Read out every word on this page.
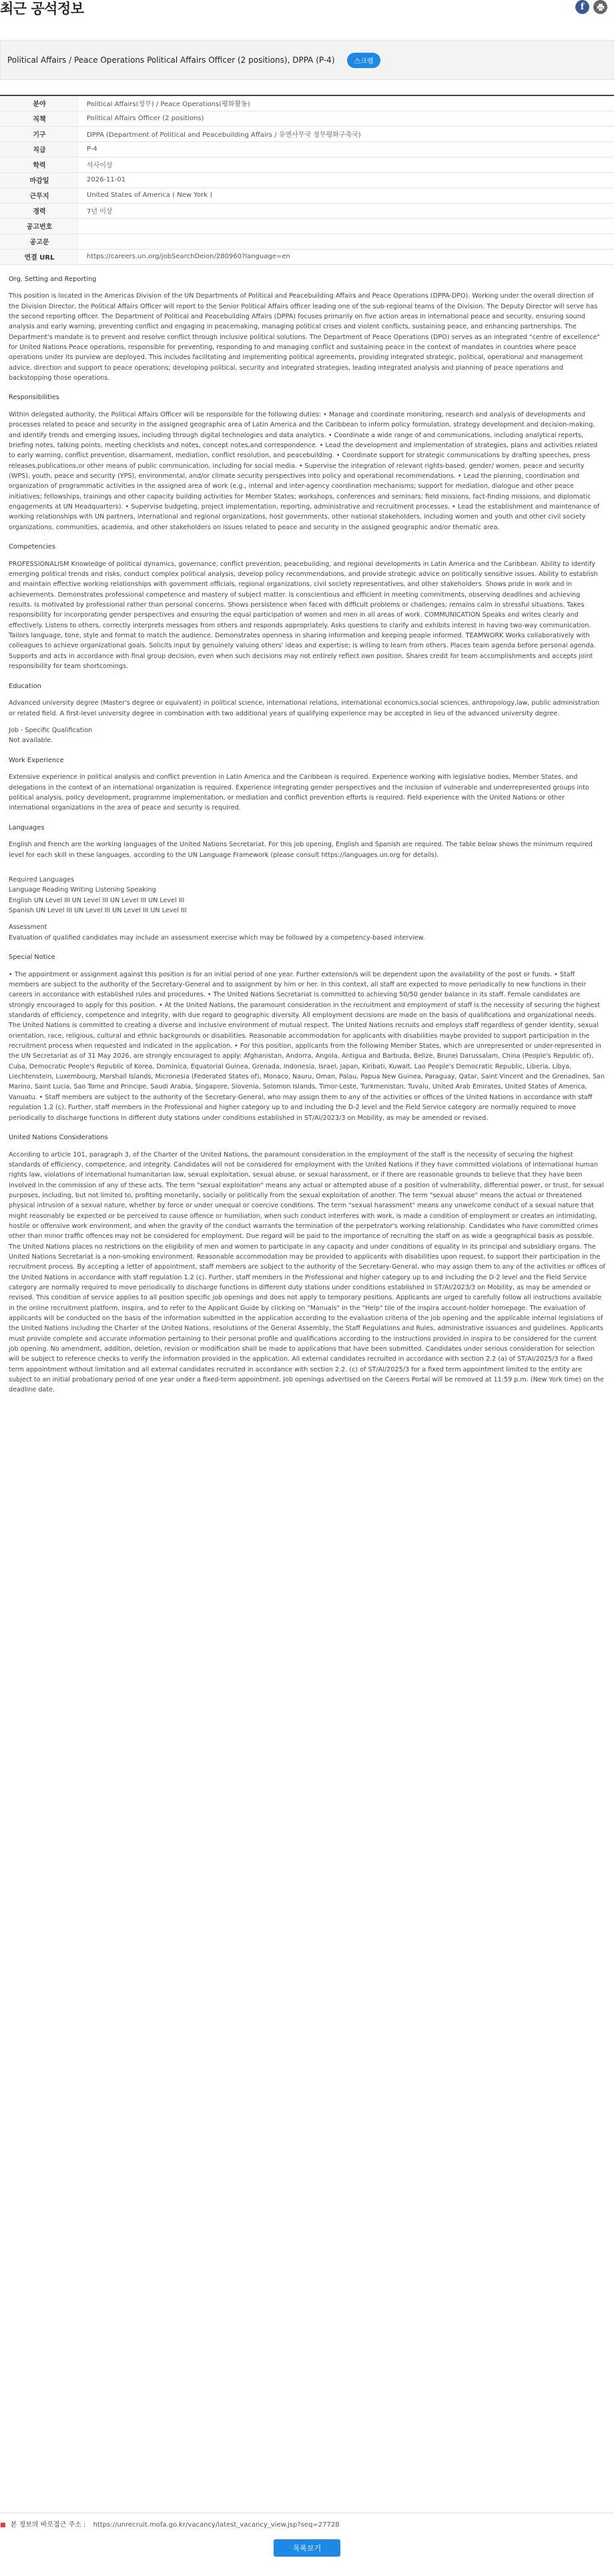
최근 공석정보	f
Political Affairs / Peace Operations Political Affairs Officer (2 positions), DPPA (P-4)	스크랩
분야	Political Affairs(정무) / Peace Operations(평화활동)
직책	Political Affairs Officer (2 positions)
기구	DPPA (Department of Political and Peacebuilding Affairs / 유엔사무국 정무평화구축국)
직급	P-4
학력	석사이상
마감일	2026-11-01
근무지	United States of America ( New York )
경력	7년 이상
공고번호	
공고문	
연결 URL	https://careers.un.org/jobSearchDeion/280960?language=en
Org. Setting and Reporting

This position is located in the Americas Division of the UN Departments of Political and Peacebuilding Affairs and Peace Operations (DPPA-DPO). Working under the overall direction of the Division Director, the Political Affairs Officer will report to the Senior Political Affairs officer leading one of the sub-regional teams of the Division. The Deputy Director will serve has the second reporting officer. The Department of Political and Peacebuilding Affairs (DPPA) focuses primarily on five action areas in international peace and security, ensuring sound analysis and early warning, preventing conflict and engaging in peacemaking, managing political crises and violent conflicts, sustaining peace, and enhancing partnerships. The Department's mandate is to prevent and resolve conflict through inclusive political solutions. The Department of Peace Operations (DPO) serves as an integrated "centre of excellence" for United Nations Peace operations, responsible for preventing, responding to and managing conflict and sustaining peace in the context of mandates in countries where peace operations under its purview are deployed. This includes facilitating and implementing political agreements, providing integrated strategic, political, operational and management advice, direction and support to peace operations; developing political, security and integrated strategies, leading integrated analysis and planning of peace operations and backstopping those operations.

Responsibilities

Within delegated authority, the Political Affairs Officer will be responsible for the following duties: • Manage and coordinate monitoring, research and analysis of developments and processes related to peace and security in the assigned geographic area of Latin America and the Caribbean to inform policy formulation, strategy development and decision-making, and identify trends and emerging issues, including through digital technologies and data analytics. • Coordinate a wide range of and communications, including analytical reports, briefing notes, talking points, meeting checklists and notes, concept notes,and correspondence. • Lead the development and implementation of strategies, plans and activities related to early warning, conflict prevention, disarmament, mediation, conflict resolution, and peacebuilding. • Coordinate support for strategic communications by drafting speeches, press releases,publications,or other means of public communication, including for social media. • Supervise the integration of relevant rights-based, gender/ women, peace and security (WPS), youth, peace and security (YPS), environmental, and/or climate security perspectives into policy and operational recommendations. • Lead the planning, coordination and organization of programmatic activities in the assigned area of work (e.g., internal and inter-agency coordination mechanisms; support for mediation, dialogue and other peace initiatives; fellowships, trainings and other capacity building activities for Member States; workshops, conferences and seminars; field missions, fact-finding missions, and diplomatic engagements at UN Headquarters). • Supervise budgeting, project implementation, reporting, administrative and recruitment processes. • Lead the establishment and maintenance of working relationships with UN partners, international and regional organizations, host governments, other national stakeholders, including women and youth and other civil society organizations, communities, academia, and other stakeholders on issues related to peace and security in the assigned geographic and/or thematic area.

Competencies

PROFESSIONALISM Knowledge of political dynamics, governance, conflict prevention, peacebuilding, and regional developments in Latin America and the Caribbean. Ability to identify emerging political trends and risks, conduct complex political analysis, develop policy recommendations, and provide strategic advice on politically sensitive issues. Ability to establish and maintain effective working relationships with government officials, regional organizations, civil society representatives, and other stakeholders. Shows pride in work and in achievements. Demonstrates professional competence and mastery of subject matter. Is conscientious and efficient in meeting commitments, observing deadlines and achieving results. Is motivated by professional rather than personal concerns. Shows persistence when faced with difficult problems or challenges; remains calm in stressful situations. Takes responsibility for incorporating gender perspectives and ensuring the equal participation of women and men in all areas of work. COMMUNICATION Speaks and writes clearly and effectively. Listens to others, correctly interprets messages from others and responds appropriately. Asks questions to clarify and exhibits interest in having two-way communication. Tailors language, tone, style and format to match the audience. Demonstrates openness in sharing information and keeping people informed. TEAMWORK Works collaboratively with colleagues to achieve organizational goals. Solicits input by genuinely valuing others' ideas and expertise; is willing to learn from others. Places team agenda before personal agenda. Supports and acts in accordance with final group decision, even when such decisions may not entirely reflect own position. Shares credit for team accomplishments and accepts joint responsibility for team shortcomings.

Education

Advanced university degree (Master's degree or equivalent) in political science, international relations, international economics,social sciences, anthropology,law, public administration or related field. A first-level university degree in combination with two additional years of qualifying experience may be accepted in lieu of the advanced university degree.

Job - Specific Qualification

Not available.

Work Experience

Extensive experience in political analysis and conflict prevention in Latin America and the Caribbean is required. Experience working with legislative bodies, Member States, and delegations in the context of an international organization is required. Experience integrating gender perspectives and the inclusion of vulnerable and underrepresented groups into political analysis, policy development, programme implementation, or mediation and conflict prevention efforts is required. Field experience with the United Nations or other international organizations in the area of peace and security is required.

Languages

English and French are the working languages of the United Nations Secretariat. For this job opening, English and Spanish are required. The table below shows the minimum required level for each skill in these languages, according to the UN Language Framework (please consult https://languages.un.org for details).

Required Languages

Language Reading Writing Listening Speaking

English UN Level III UN Level III UN Level III UN Level III

Spanish UN Level III UN Level III UN Level III UN Level III

Assessment

Evaluation of qualified candidates may include an assessment exercise which may be followed by a competency-based interview.

Special Notice

• The appointment or assignment against this position is for an initial period of one year. Further extension/s will be dependent upon the availability of the post or funds. • Staff members are subject to the authority of the Secretary-General and to assignment by him or her. In this context, all staff are expected to move periodically to new functions in their careers in accordance with established rules and procedures. • The United Nations Secretariat is committed to achieving 50/50 gender balance in its staff. Female candidates are strongly encouraged to apply for this position. • At the United Nations, the paramount consideration in the recruitment and employment of staff is the necessity of securing the highest standards of efficiency, competence and integrity, with due regard to geographic diversity. All employment decisions are made on the basis of qualifications and organizational needs. The United Nations is committed to creating a diverse and inclusive environment of mutual respect. The United Nations recruits and employs staff regardless of gender identity, sexual orientation, race, religious, cultural and ethnic backgrounds or disabilities. Reasonable accommodation for applicants with disabilities maybe provided to support participation in the recruitment process when requested and indicated in the application. • For this position, applicants from the following Member States, which are unrepresented or under-represented in the UN Secretariat as of 31 May 2026, are strongly encouraged to apply: Afghanistan, Andorra, Angola, Antigua and Barbuda, Belize, Brunei Darussalam, China (People's Republic of), Cuba, Democratic People's Republic of Korea, Dominica, Equatorial Guinea, Grenada, Indonesia, Israel, Japan, Kiribati, Kuwait, Lao People's Democratic Republic, Liberia, Libya, Liechtenstein, Luxembourg, Marshall Islands, Micronesia (Federated States of), Monaco, Nauru, Oman, Palau, Papua New Guinea, Paraguay, Qatar, Saint Vincent and the Grenadines, San Marino, Saint Lucia, Sao Tome and Principe, Saudi Arabia, Singapore, Slovenia, Solomon Islands, Timor-Leste, Turkmenistan, Tuvalu, United Arab Emirates, United States of America, Vanuatu. • Staff members are subject to the authority of the Secretary-General, who may assign them to any of the activities or offices of the United Nations in accordance with staff regulation 1.2 (c). Further, staff members in the Professional and higher category up to and including the D-2 level and the Field Service category are normally required to move periodically to discharge functions in different duty stations under conditions established in ST/AI/2023/3 on Mobility, as may be amended or revised.

United Nations Considerations

According to article 101, paragraph 3, of the Charter of the United Nations, the paramount consideration in the employment of the staff is the necessity of securing the highest standards of efficiency, competence, and integrity. Candidates will not be considered for employment with the United Nations if they have committed violations of international human rights law, violations of international humanitarian law, sexual exploitation, sexual abuse, or sexual harassment, or if there are reasonable grounds to believe that they have been involved in the commission of any of these acts. The term "sexual exploitation" means any actual or attempted abuse of a position of vulnerability, differential power, or trust, for sexual purposes, including, but not limited to, profiting monetarily, socially or politically from the sexual exploitation of another. The term "sexual abuse" means the actual or threatened physical intrusion of a sexual nature, whether by force or under unequal or coercive conditions. The term "sexual harassment" means any unwelcome conduct of a sexual nature that might reasonably be expected or be perceived to cause offence or humiliation, when such conduct interferes with work, is made a condition of employment or creates an intimidating, hostile or offensive work environment, and when the gravity of the conduct warrants the termination of the perpetrator's working relationship. Candidates who have committed crimes other than minor traffic offences may not be considered for employment. Due regard will be paid to the importance of recruiting the staff on as wide a geographical basis as possible. The United Nations places no restrictions on the eligibility of men and women to participate in any capacity and under conditions of equality in its principal and subsidiary organs. The United Nations Secretariat is a non-smoking environment. Reasonable accommodation may be provided to applicants with disabilities upon request, to support their participation in the recruitment process. By accepting a letter of appointment, staff members are subject to the authority of the Secretary-General, who may assign them to any of the activities or offices of the United Nations in accordance with staff regulation 1.2 (c). Further, staff members in the Professional and higher category up to and including the D-2 level and the Field Service category are normally required to move periodically to discharge functions in different duty stations under conditions established in ST/AI/2023/3 on Mobility, as may be amended or revised. This condition of service applies to all position specific job openings and does not apply to temporary positions. Applicants are urged to carefully follow all instructions available in the online recruitment platform, inspira, and to refer to the Applicant Guide by clicking on "Manuals" in the "Help" tile of the inspira account-holder homepage. The evaluation of applicants will be conducted on the basis of the information submitted in the application according to the evaluation criteria of the job opening and the applicable internal legislations of the United Nations including the Charter of the United Nations, resolutions of the General Assembly, the Staff Regulations and Rules, administrative issuances and guidelines. Applicants must provide complete and accurate information pertaining to their personal profile and qualifications according to the instructions provided in inspira to be considered for the current job opening. No amendment, addition, deletion, revision or modification shall be made to applications that have been submitted. Candidates under serious consideration for selection will be subject to reference checks to verify the information provided in the application. All external candidates recruited in accordance with section 2.2 (a) of ST/AI/2025/3 for a fixed term appointment without limitation and all external candidates recruited in accordance with section 2.2. (c) of ST/AI/2025/3 for a fixed term appointment limited to the entity are subject to an initial probationary period of one year under a fixed-term appointment. Job openings advertised on the Careers Portal will be removed at 11:59 p.m. (New York time) on the deadline date.

■ 본 정보의 바로접근 주소 : https://unrecruit.mofa.go.kr/vacancy/latest_vacancy_view.jsp?seq=27728
목록보기
